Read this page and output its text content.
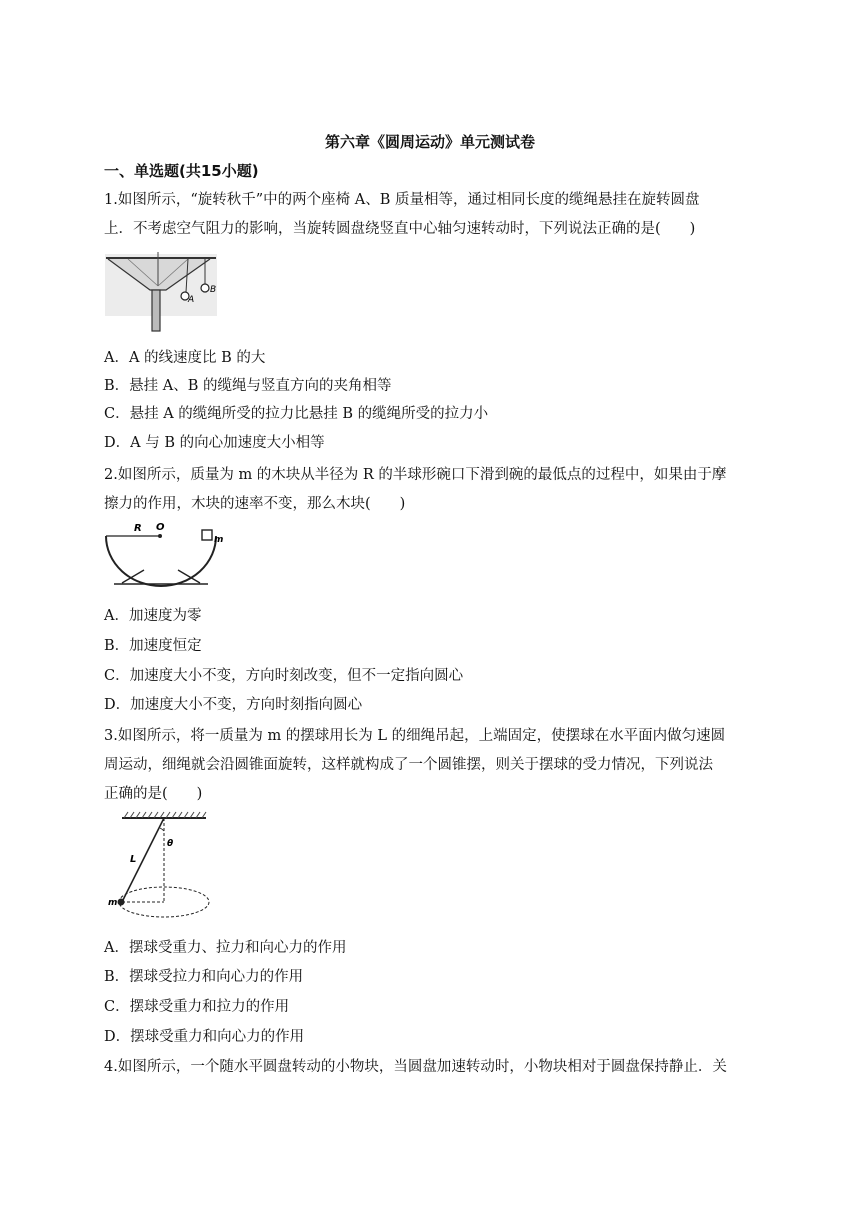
第六章《圆周运动》单元测试卷
一、单选题(共15小题)
1.如图所示，“旋转秋千”中的两个座椅 A、B 质量相等，通过相同长度的缆绳悬挂在旋转圆盘
上．不考虑空气阻力的影响，当旋转圆盘绕竖直中心轴匀速转动时，下列说法正确的是(　　)
A
B
A．A 的线速度比 B 的大
B．悬挂 A、B 的缆绳与竖直方向的夹角相等
C．悬挂 A 的缆绳所受的拉力比悬挂 B 的缆绳所受的拉力小
D．A 与 B 的向心加速度大小相等
2.如图所示，质量为 m 的木块从半径为 R 的半球形碗口下滑到碗的最低点的过程中，如果由于摩
擦力的作用，木块的速率不变，那么木块(　　)
R O
m
A．加速度为零
B．加速度恒定
C．加速度大小不变，方向时刻改变，但不一定指向圆心
D．加速度大小不变，方向时刻指向圆心
3.如图所示，将一质量为 m 的摆球用长为 L 的细绳吊起，上端固定，使摆球在水平面内做匀速圆
周运动，细绳就会沿圆锥面旋转，这样就构成了一个圆锥摆，则关于摆球的受力情况，下列说法
正确的是(　　)
L
θ
m
A．摆球受重力、拉力和向心力的作用
B．摆球受拉力和向心力的作用
C．摆球受重力和拉力的作用
D．摆球受重力和向心力的作用
4.如图所示，一个随水平圆盘转动的小物块，当圆盘加速转动时，小物块相对于圆盘保持静止．关
